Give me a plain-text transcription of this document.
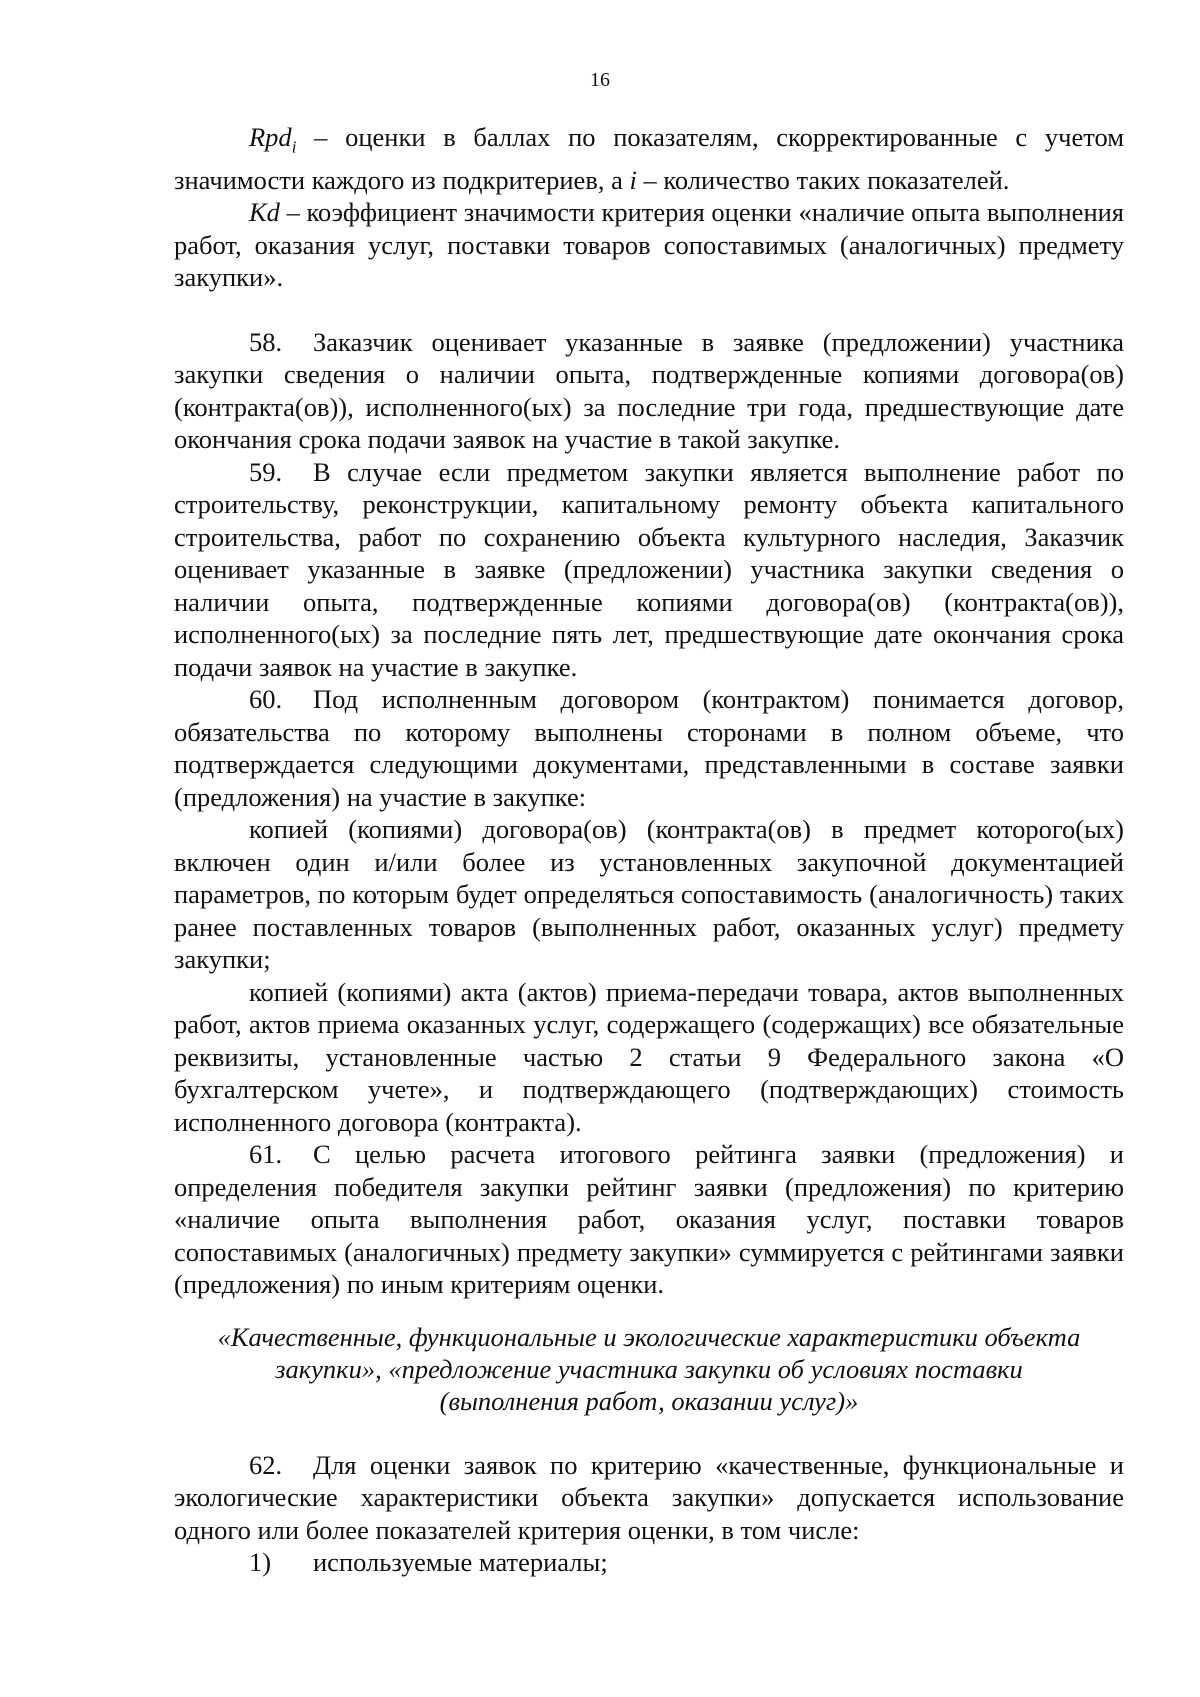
16

Rpd$_i$ – оценки в баллах по показателям, скорректированные с учетом значимости каждого из подкритериев, а i – количество таких показателей.

Kd – коэффициент значимости критерия оценки «наличие опыта выполнения работ, оказания услуг, поставки товаров сопоставимых (аналогичных) предмету закупки».

58. Заказчик оценивает указанные в заявке (предложении) участника закупки сведения о наличии опыта, подтвержденные копиями договора(ов) (контракта(ов)), исполненного(ых) за последние три года, предшествующие дате окончания срока подачи заявок на участие в такой закупке.

59. В случае если предметом закупки является выполнение работ по строительству, реконструкции, капитальному ремонту объекта капитального строительства, работ по сохранению объекта культурного наследия, Заказчик оценивает указанные в заявке (предложении) участника закупки сведения о наличии опыта, подтвержденные копиями договора(ов) (контракта(ов)), исполненного(ых) за последние пять лет, предшествующие дате окончания срока подачи заявок на участие в закупке.

60. Под исполненным договором (контрактом) понимается договор, обязательства по которому выполнены сторонами в полном объеме, что подтверждается следующими документами, представленными в составе заявки (предложения) на участие в закупке:

копией (копиями) договора(ов) (контракта(ов) в предмет которого(ых) включен один и/или более из установленных закупочной документацией параметров, по которым будет определяться сопоставимость (аналогичность) таких ранее поставленных товаров (выполненных работ, оказанных услуг) предмету закупки;

копией (копиями) акта (актов) приема-передачи товара, актов выполненных работ, актов приема оказанных услуг, содержащего (содержащих) все обязательные реквизиты, установленные частью 2 статьи 9 Федерального закона «О бухгалтерском учете», и подтверждающего (подтверждающих) стоимость исполненного договора (контракта).

61. С целью расчета итогового рейтинга заявки (предложения) и определения победителя закупки рейтинг заявки (предложения) по критерию «наличие опыта выполнения работ, оказания услуг, поставки товаров сопоставимых (аналогичных) предмету закупки» суммируется с рейтингами заявки (предложения) по иным критериям оценки.

«Качественные, функциональные и экологические характеристики объекта
закупки», «предложение участника закупки об условиях поставки
(выполнения работ, оказании услуг)»

62. Для оценки заявок по критерию «качественные, функциональные и экологические характеристики объекта закупки» допускается использование одного или более показателей критерия оценки, в том числе:

1) используемые материалы;
